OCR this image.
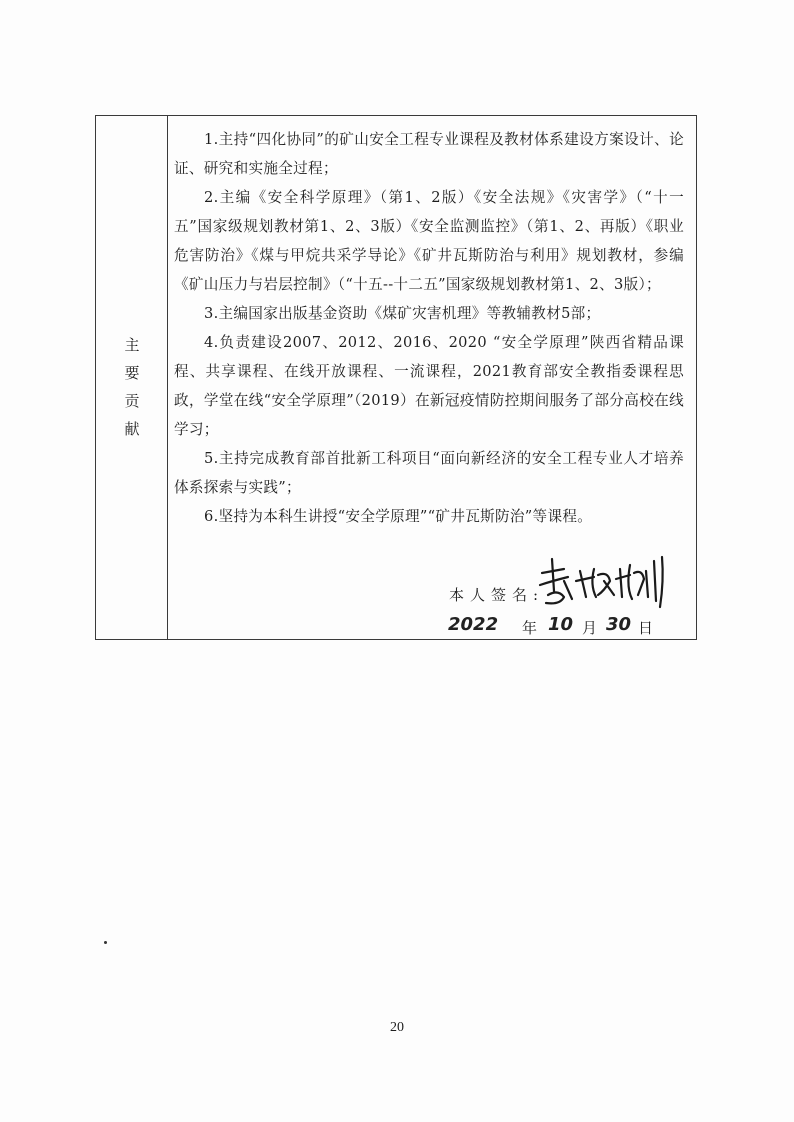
主
要
贡
献

1.主持“四化协同”的矿山安全工程专业课程及教材体系建设方案设计、论证、研究和实施全过程；

2.主编《安全科学原理》（第1、2版）《安全法规》《灾害学》（“十一五”国家级规划教材第1、2、3版）《安全监测监控》（第1、2、再版）《职业危害防治》《煤与甲烷共采学导论》《矿井瓦斯防治与利用》规划教材，参编《矿山压力与岩层控制》（“十五--十二五”国家级规划教材第1、2、3版）；

3.主编国家出版基金资助《煤矿灾害机理》等教辅教材5部；

4.负责建设2007、2012、2016、2020 “安全学原理”陕西省精品课程、共享课程、在线开放课程、一流课程，2021教育部安全教指委课程思政，学堂在线“安全学原理”（2019）在新冠疫情防控期间服务了部分高校在线学习；

5.主持完成教育部首批新工科项目“面向新经济的安全工程专业人才培养体系探索与实践”；

6.坚持为本科生讲授“安全学原理”“矿井瓦斯防治”等课程。

本人签名:
2022 年 10 月 30 日
20
